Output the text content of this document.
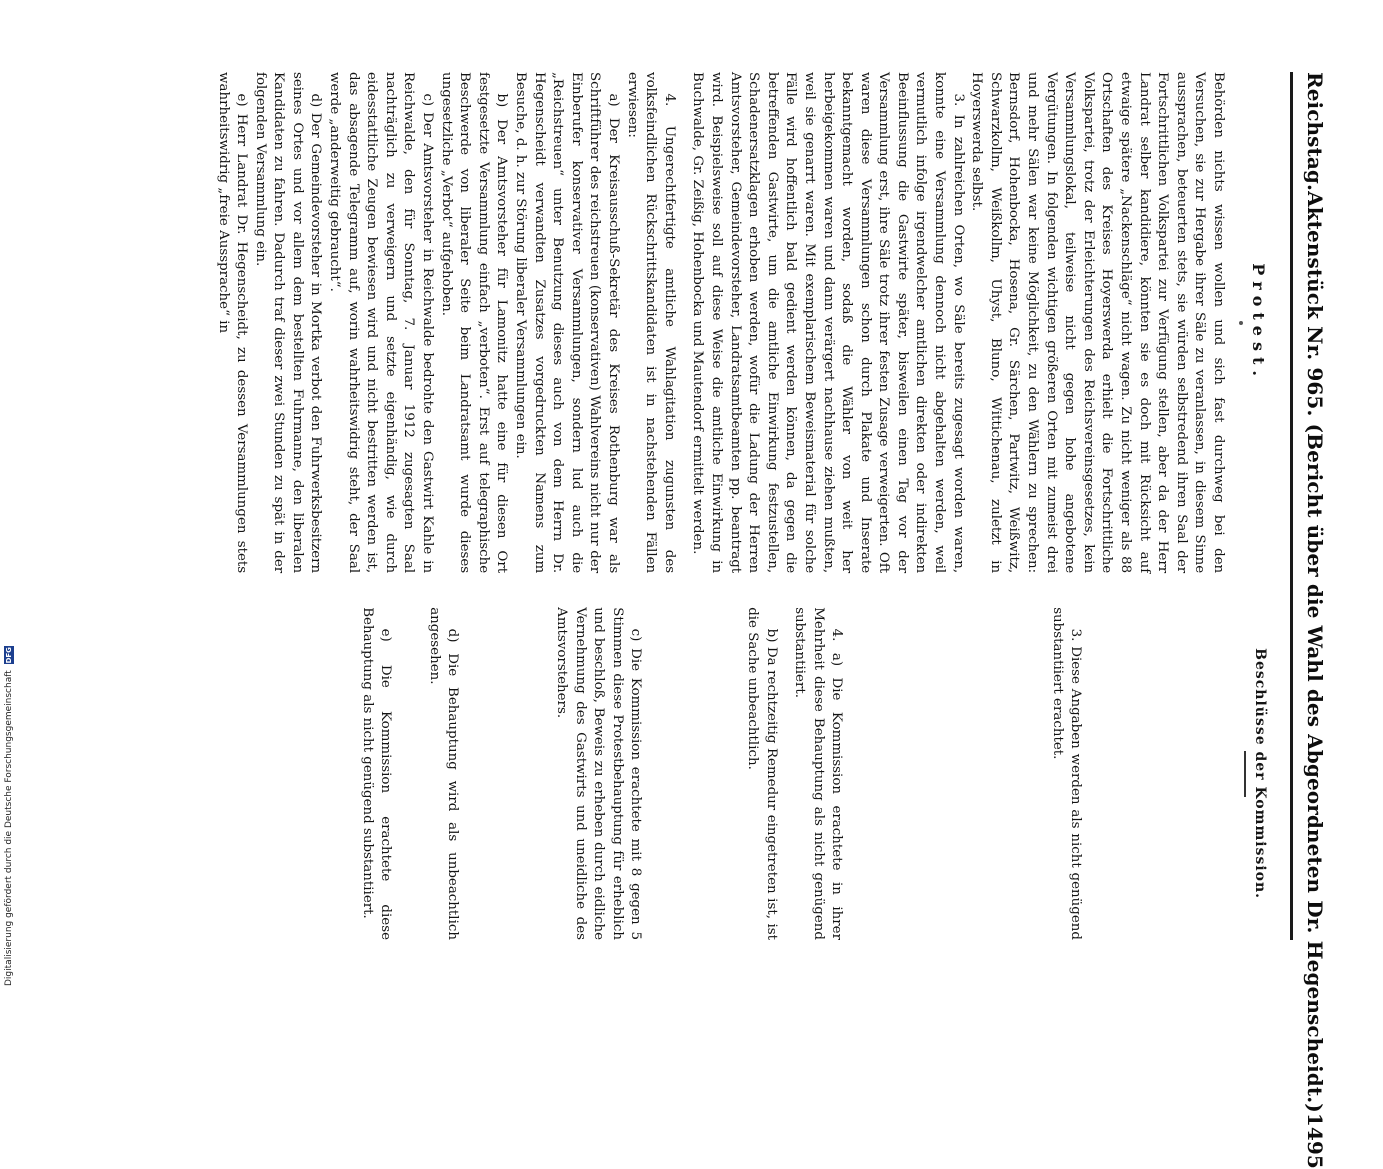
Reichstag.
Aktenstück Nr. 965. (Bericht über die Wahl des Abgeordneten Dr. Hegenscheidt.)
1495
Protest.

Behörden nichts wissen wollen und sich fast durchweg bei den Versuchen, sie zur Hergabe ihrer Säle zu veranlassen, in diesem Sinne aussprachen, beteuerten stets, sie würden selbstredend ihren Saal der Fortschrittlichen Volkspartei zur Verfügung stellen, aber da der Herr Landrat selber kandidiere, könnten sie es doch mit Rücksicht auf etwaige spätere „Nackenschläge“ nicht wagen. Zu nicht weniger als 88 Ortschaften des Kreises Hoyerswerda erhielt die Fortschrittliche Volkspartei, trotz der Erleichterungen des Reichsvereinsgesetzes, kein Versammlungslokal, teilweise nicht gegen hohe angebotene Vergütungen. In folgenden wichtigen größeren Orten mit zumeist drei und mehr Sälen war keine Möglichkeit, zu den Wählern zu sprechen: Bernsdorf, Hohenbocka, Hosena, Gr. Särchen, Partwitz, Weißwitz, Schwarzkollm, Weißkollm, Uhyst, Bluno, Wittichenau, zuletzt in Hoyerswerda selbst.

3. In zahlreichen Orten, wo Säle bereits zugesagt worden waren, konnte eine Versammlung dennoch nicht abgehalten werden, weil vermutlich infolge irgendwelcher amtlichen direkten oder indirekten Beeinflussung die Gastwirte später, bisweilen einen Tag vor der Versammlung erst, ihre Säle trotz ihrer festen Zusage verweigerten. Oft waren diese Versammlungen schon durch Plakate und Inserate bekanntgemacht worden, sodaß die Wähler von weit her herbeigekommen waren und dann verärgert nachhause ziehen mußten, weil sie genarrt waren. Mit exemplarischem Beweismaterial für solche Fälle wird hoffentlich bald gedient werden können, da gegen die betreffenden Gastwirte, um die amtliche Einwirkung festzustellen, Schadenersatzklagen erhoben werden, wofür die Ladung der Herren Amtsvorsteher, Gemeindevorsteher, Landratsamtbeamten pp. beantragt wird. Beispielsweise soll auf diese Weise die amtliche Einwirkung in Buchwalde, Gr. Zeißig, Hohenbocka und Mautendorf ermittelt werden.

4. Ungerechtfertigte amtliche Wahlagitation zugunsten des volksfeindlichen Rückschrittskandidaten ist in nachstehenden Fällen erwiesen:

a) Der Kreisausschuß-Sekretär des Kreises Rothenburg war als Schriftführer des reichstreuen (konservativen) Wahlvereins nicht nur der Einberufer konservativer Versammlungen, sondern lud auch die „Reichstreuen“ unter Benutzung dieses auch von dem Herrn Dr. Hegenscheidt verwandten Zusatzes vorgedruckten Namens zum Besuche, d. h. zur Störung liberaler Versammlungen ein.

b) Der Amtsvorsteher für Lamonitz hatte eine für diesen Ort festgesetzte Versammlung einfach „verboten“. Erst auf telegraphische Beschwerde von liberaler Seite beim Landratsamt wurde dieses ungesetzliche „Verbot“ aufgehoben.

c) Der Amtsvorsteher in Reichwalde bedrohte den Gastwirt Kahle in Reichwalde, den für Sonntag, 7. Januar 1912 zugesagten Saal nachträglich zu verweigern und setzte eigenhändig, wie durch eidesstattliche Zeugen bewiesen wird und nicht bestritten werden ist, das absagende Telegramm auf, worin wahrheitswidrig steht, der Saal werde „anderweitig gebraucht“.

d) Der Gemeindevorsteher in Mortka verbot den Fuhrwerksbesitzern seines Ortes und vor allem dem bestellten Fuhrmanne, den liberalen Kandidaten zu fahren. Dadurch traf dieser zwei Stunden zu spät in der folgenden Versammlung ein.

e) Herr Landrat Dr. Hegenscheidt, zu dessen Versammlungen stets wahrheitswidrig „freie Aussprache“ in

Beschlüsse der Kommission.

3. Diese Angaben werden als nicht genügend substantiiert erachtet.

4. a) Die Kommission erachtete in ihrer Mehrheit diese Behauptung als nicht genügend substantiiert.

b) Da rechtzeitig Remedur eingetreten ist, ist die Sache unbeachtlich.

c) Die Kommission erachtete mit 8 gegen 5 Stimmen diese Protestbehauptung für erheblich und beschloß, Beweis zu erheben durch eidliche Vernehmung des Gastwirts und uneidliche des Amtsvorstehers.

d) Die Behauptung wird als unbeachtlich angesehen.

e) Die Kommission erachtete diese Behauptung als nicht genügend substantiiert.

Digitalisierung gefördert durch die Deutsche Forschungsgemeinschaft
DFG
